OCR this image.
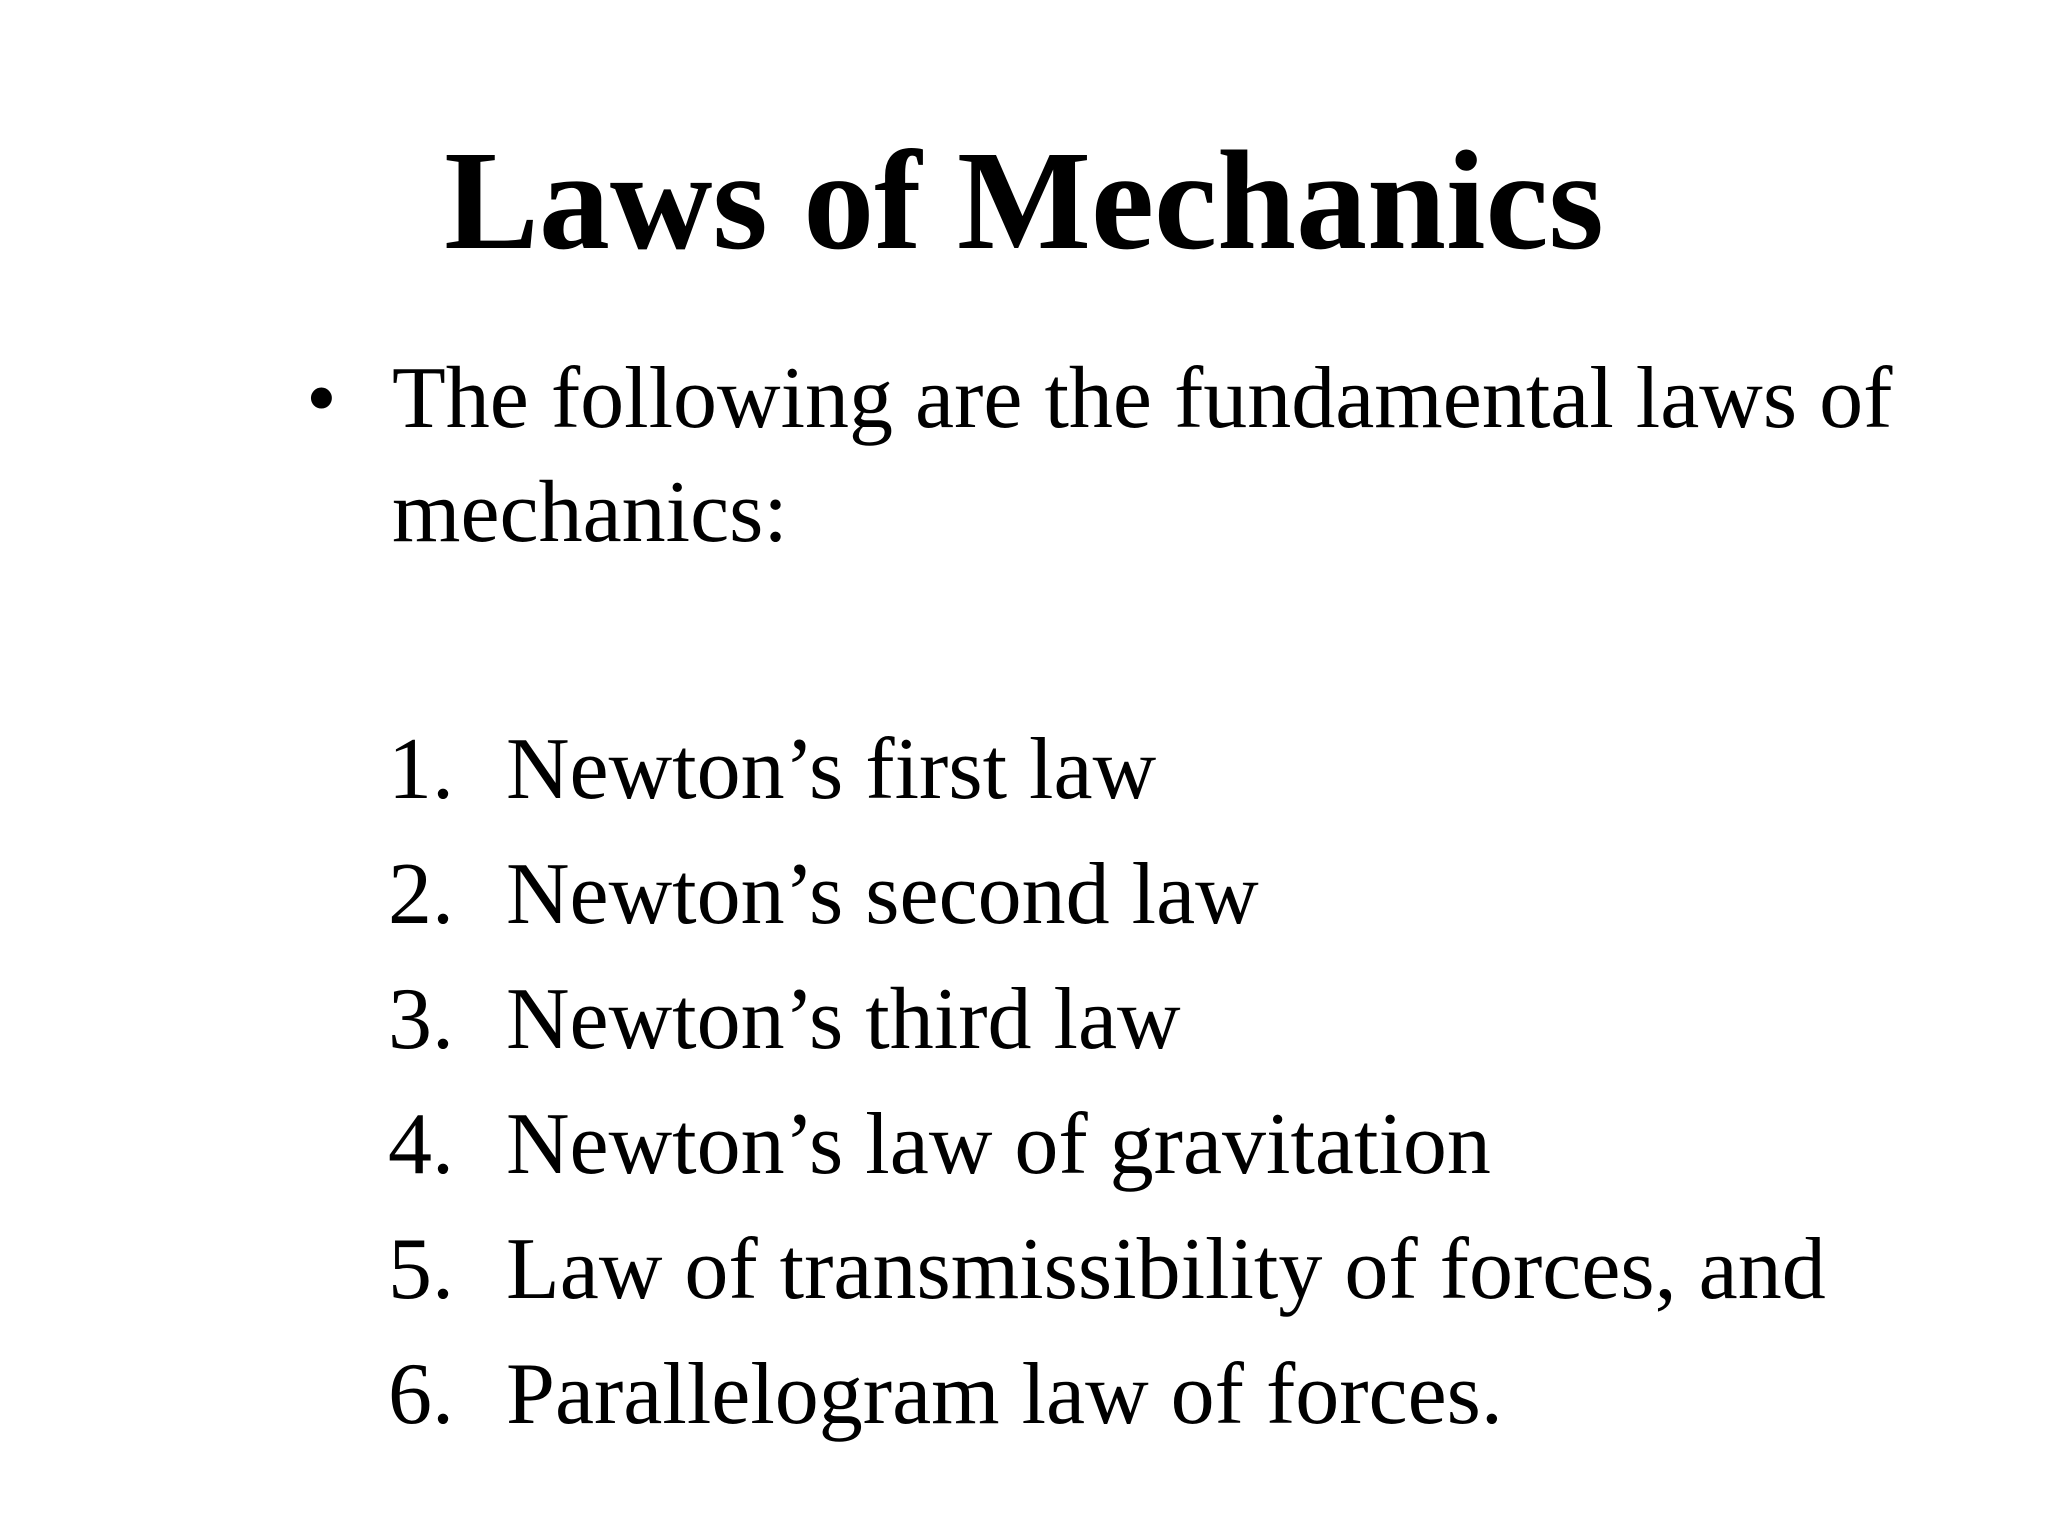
Laws of Mechanics
• The following are the fundamental laws of mechanics:

1. Newton’s first law
2. Newton’s second law
3. Newton’s third law
4. Newton’s law of gravitation
5. Law of transmissibility of forces, and
6. Parallelogram law of forces.
